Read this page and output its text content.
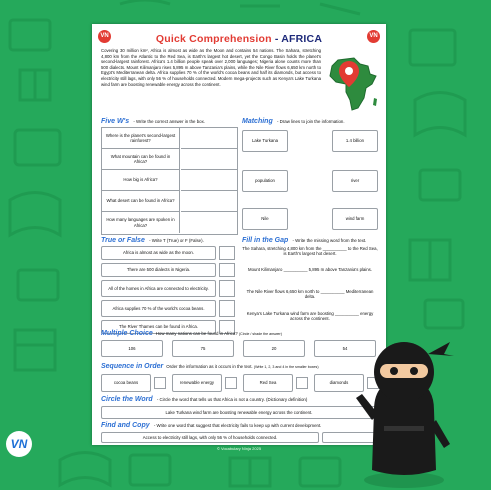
VN	VN
Quick Comprehension - AFRICA
Covering 30 million km², Africa is almost as wide as the Moon and contains 54 nations. The Sahara, stretching 4,800 km from the Atlantic to the Red Sea, is Earth's largest hot desert, yet the Congo Basin holds the planet's second-largest rainforest. Africa's 1.4 billion people speak over 2,000 languages; Nigeria alone counts more than 500 dialects. Mount Kilimanjaro rises 5,895 m above Tanzania's plains, while the Nile River flows 6,650 km north to Egypt's Mediterranean delta. Africa supplies 70 % of the world's cocoa beans and half its diamonds, but access to electricity still lags, with only 56 % of households connected. Modern mega-projects such as Kenya's Lake Turkana wind farm are boosting renewable energy across the continent.
Five W's - Write the correct answer in the box.
Where is the planet's second-largest rainforest?
What mountain can be found in Africa?
How big is Africa?
What desert can be found in Africa?
How many languages are spoken in Africa?
Matching - Draw lines to join the information.
Lake Turkana
population
Nile
1.4 billion
river
wind farm
True or False - Write T (True) or F (False).
Africa is almost as wide as the moon.
There are 500 dialects in Nigeria.
All of the homes in Africa are connected to electricity.
Africa supplies 70 % of the world's cocoa beans.
The River Thames can be found in Africa.
Fill in the Gap - Write the missing word from the text.
The Sahara, stretching 4,800 km from the __________ to the Red Sea, is Earth's largest hot desert.
Mount Kilimanjaro __________ 5,895 m above Tanzania's plains.
The Nile River flows 6,650 km north to __________ Mediterranean delta.
Kenya's Lake Turkana wind farm are boosting __________ energy across the continent.
Multiple Choice How many nations can be found in Africa? (Circle / shade the answer)
106	75	20	54
Sequence in Order Order the information as it occurs in the text. (Write 1, 2, 3 and 4 in the smaller boxes)
cocoa beans	renewable energy	Red Sea	diamonds
Circle the Word - Circle the word that tells us that Africa is not a country. (Dictionary definition)
Lake Turkana wind farm are boosting renewable energy across the continent.
Find and Copy - Write one word that suggest that electricity fails to keep up with current development.
Access to electricity still lags, with only 56 % of households connected.
© Vocabulary Ninja 2025
VN
